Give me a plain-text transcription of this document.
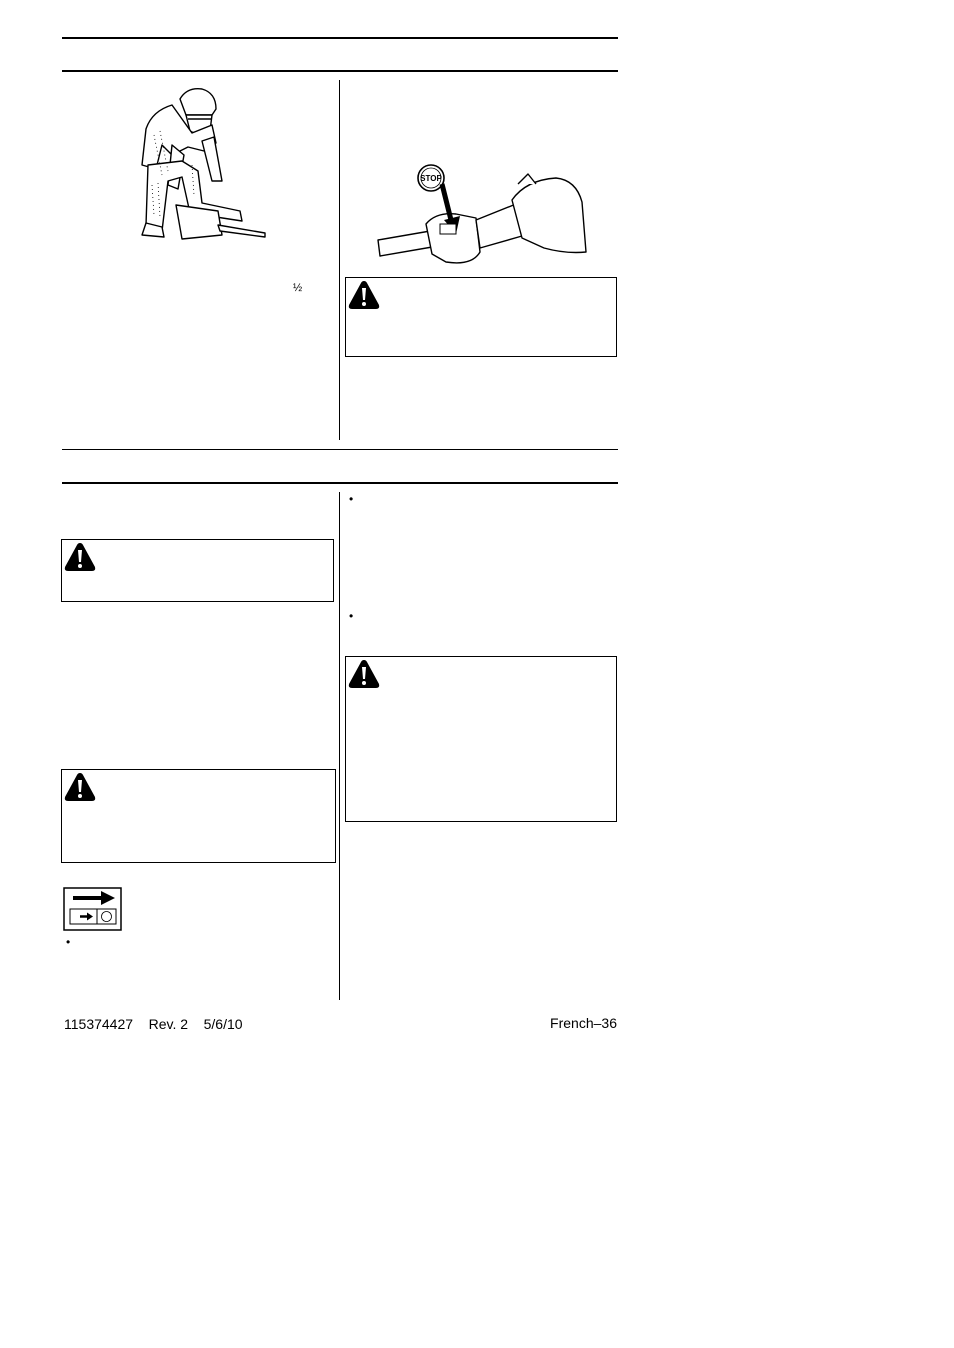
½
STOP
•
•
•
115374427 Rev. 2 5/6/10	French–36
